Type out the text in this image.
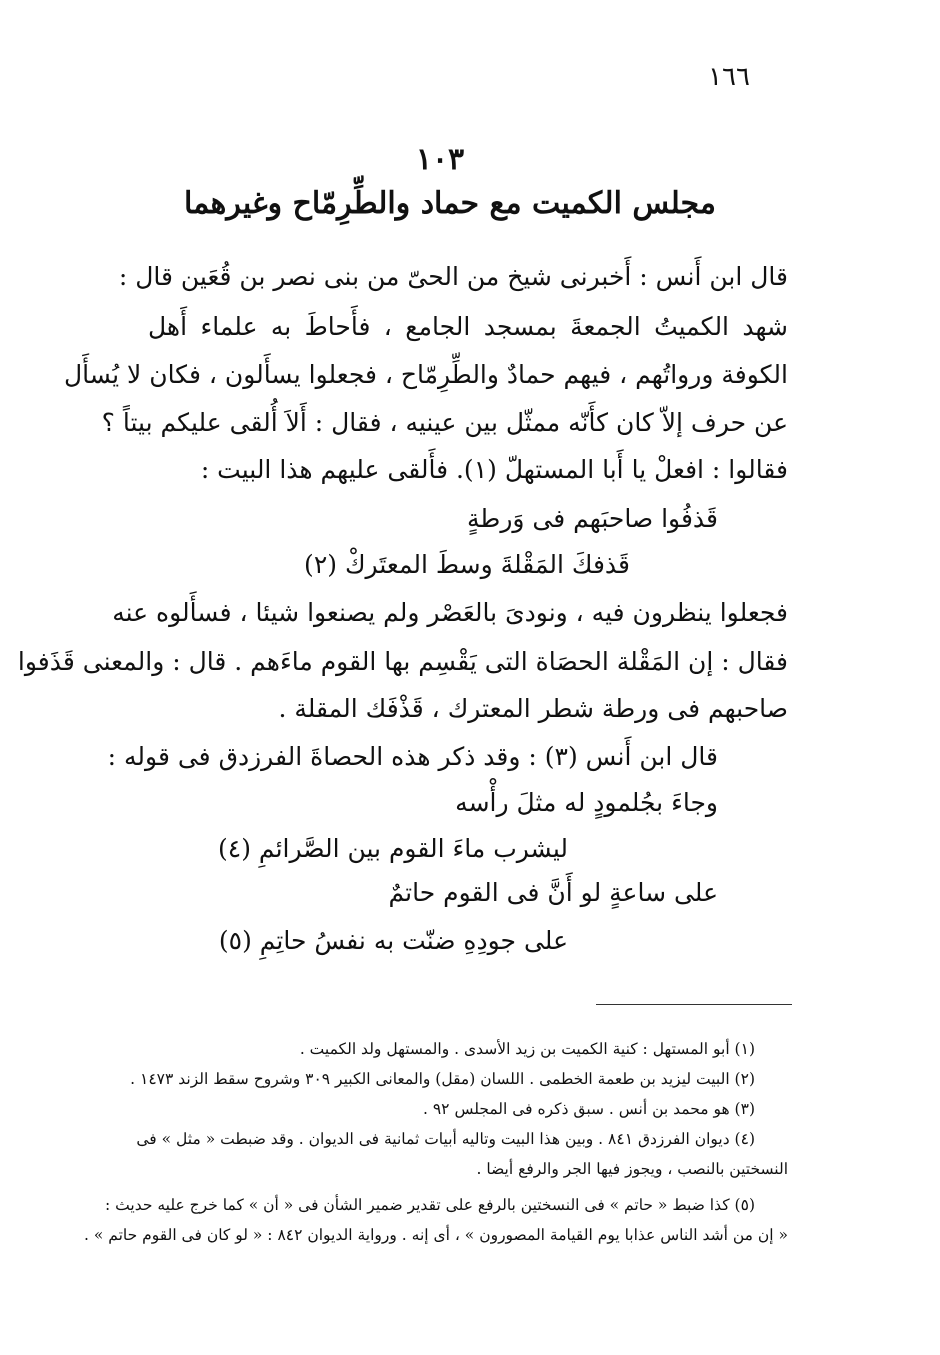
١٦٦
١٠٣
مجلس الكميت مع حماد والطِّرِمّاح وغيرهما
قال ابن أَنس : أَخبرنى شيخ من الحىّ من بنى نصر بن قُعَين قال :
شهد الكميتُ الجمعةَ بمسجد الجامع ، فأَحاطَ به علماء أَهل
الكوفة ورواتُهم ، فيهم حمادٌ والطِّرِمّاح ، فجعلوا يسأَلون ، فكان لا يُسأَل
عن حرف إلاّ كان كأَنّه ممثّل بين عينيه ، فقال : أَلاَ أُلقى عليكم بيتاً ؟
فقالوا : افعلْ يا أَبا المستهلّ (١). فأَلقى عليهم هذا البيت :
قَذفُوا صاحبَهم فى وَرطةٍ
قَذفكَ المَقْلةَ وسطَ المعتَركْ (٢)
فجعلوا ينظرون فيه ، ونودىَ بالعَصْر ولم يصنعوا شيئا ، فسأَلوه عنه
فقال : إن المَقْلة الحصَاة التى يَقْسِم بها القوم ماءَهم . قال : والمعنى قَذَفوا
صاحبهم فى ورطة شطر المعترك ، قَذْفَك المقلة .
قال ابن أَنس (٣) : وقد ذكر هذه الحصاةَ الفرزدق فى قوله :
وجاءَ بجُلمودٍ له مثلَ رأْسه
ليشرب ماءَ القوم بين الصَّرائمِ (٤)
على ساعةٍ لو أَنَّ فى القوم حاتمٌ
على جودِهِ ضنّت به نفسُ حاتِمِ (٥)
(١) أبو المستهل : كنية الكميت بن زيد الأسدى . والمستهل ولد الكميت .
(٢) البيت ليزيد بن طعمة الخطمى . اللسان (مقل) والمعانى الكبير ٣٠٩ وشروح سقط الزند ١٤٧٣ .
(٣) هو محمد بن أنس . سبق ذكره فى المجلس ٩٢ .
(٤) ديوان الفرزدق ٨٤١ . وبين هذا البيت وتاليه أبيات ثمانية فى الديوان . وقد ضبطت « مثل » فى
النسختين بالنصب ، ويجوز فيها الجر والرفع أيضا .
(٥) كذا ضبط « حاتم » فى النسختين بالرفع على تقدير ضمير الشأن فى « أن » كما خرج عليه حديث :
« إن من أشد الناس عذابا يوم القيامة المصورون » ، أى إنه . ورواية الديوان ٨٤٢ : « لو كان فى القوم حاتم » .
